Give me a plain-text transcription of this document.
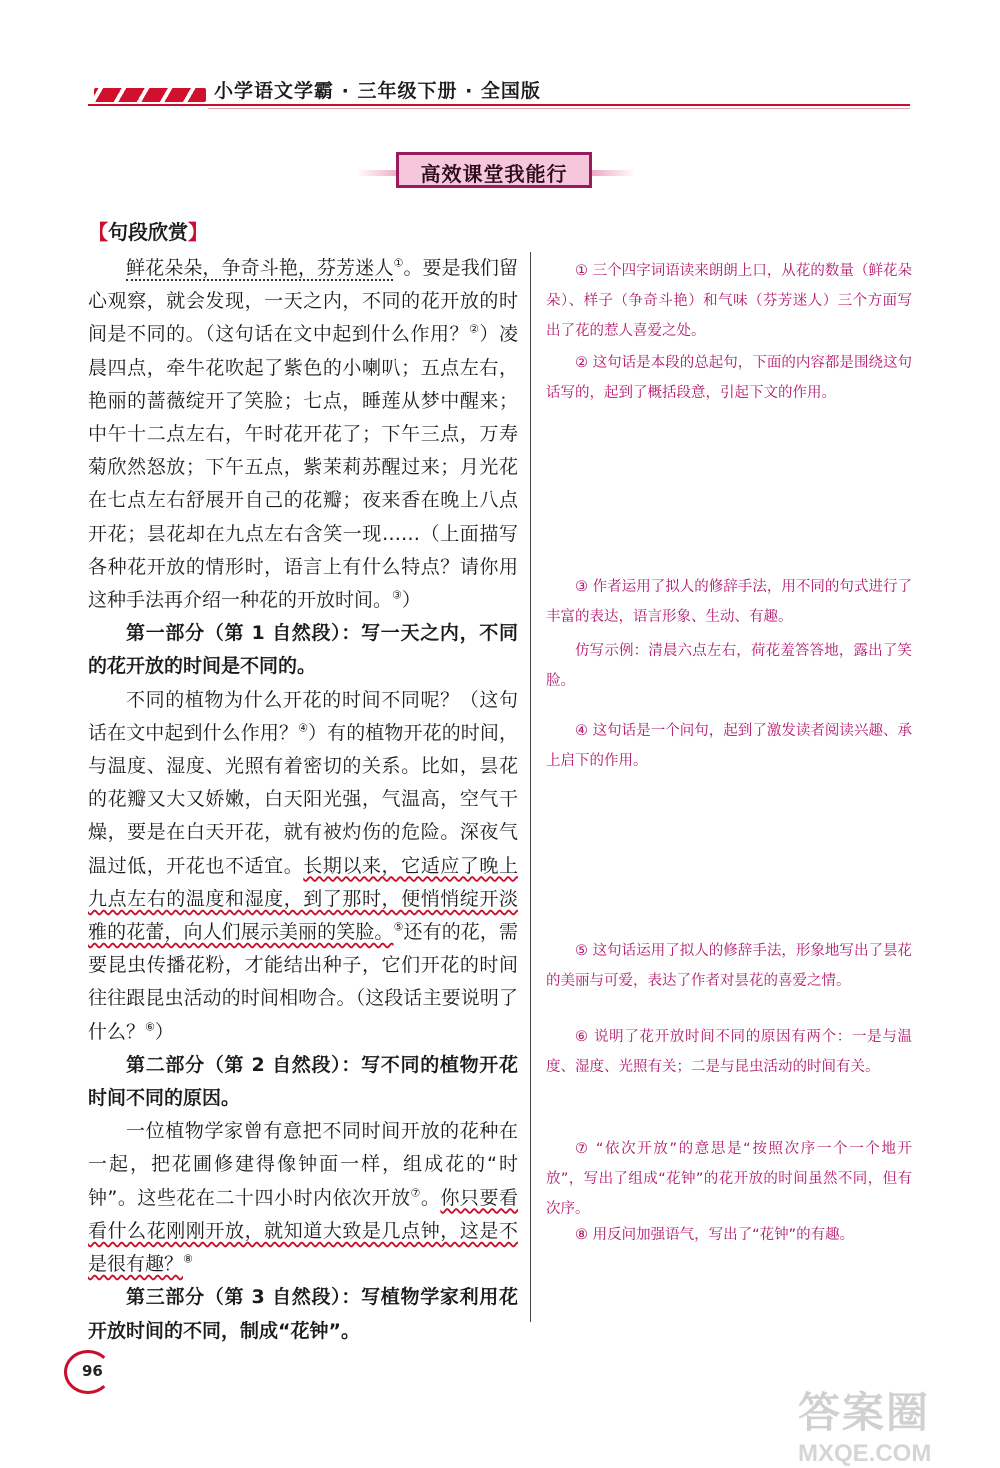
小学语文学霸 · 三年级下册 · 全国版
高效课堂我能行
【句段欣赏】

鲜花朵朵，争奇斗艳，芬芳迷人①。要是我们留心观察，就会发现，一天之内，不同的花开放的时间是不同的。（这句话在文中起到什么作用？②）凌晨四点，牵牛花吹起了紫色的小喇叭；五点左右，艳丽的蔷薇绽开了笑脸；七点，睡莲从梦中醒来；中午十二点左右，午时花开花了；下午三点，万寿菊欣然怒放；下午五点，紫茉莉苏醒过来；月光花在七点左右舒展开自己的花瓣；夜来香在晚上八点开花；昙花却在九点左右含笑一现……（上面描写各种花开放的情形时，语言上有什么特点？请你用这种手法再介绍一种花的开放时间。③）

第一部分（第 1 自然段）：写一天之内，不同的花开放的时间是不同的。

不同的植物为什么开花的时间不同呢？（这句话在文中起到什么作用？④）有的植物开花的时间，与温度、湿度、光照有着密切的关系。比如，昙花的花瓣又大又娇嫩，白天阳光强，气温高，空气干燥，要是在白天开花，就有被灼伤的危险。深夜气温过低，开花也不适宜。长期以来，它适应了晚上九点左右的温度和湿度，到了那时，便悄悄绽开淡雅的花蕾，向人们展示美丽的笑脸。⑤还有的花，需要昆虫传播花粉，才能结出种子，它们开花的时间往往跟昆虫活动的时间相吻合。（这段话主要说明了什么？⑥）

第二部分（第 2 自然段）：写不同的植物开花时间不同的原因。

一位植物学家曾有意把不同时间开放的花种在一起，把花圃修建得像钟面一样，组成花的“时钟”。这些花在二十四小时内依次开放⑦。你只要看看什么花刚刚开放，就知道大致是几点钟，这是不是很有趣？⑧

第三部分（第 3 自然段）：写植物学家利用花开放时间的不同，制成“花钟”。

① 三个四字词语读来朗朗上口，从花的数量（鲜花朵朵）、样子（争奇斗艳）和气味（芬芳迷人）三个方面写出了花的惹人喜爱之处。

② 这句话是本段的总起句，下面的内容都是围绕这句话写的，起到了概括段意，引起下文的作用。

③ 作者运用了拟人的修辞手法，用不同的句式进行了丰富的表达，语言形象、生动、有趣。

仿写示例：清晨六点左右，荷花羞答答地，露出了笑脸。

④ 这句话是一个问句，起到了激发读者阅读兴趣、承上启下的作用。

⑤ 这句话运用了拟人的修辞手法，形象地写出了昙花的美丽与可爱，表达了作者对昙花的喜爱之情。

⑥ 说明了花开放时间不同的原因有两个：一是与温度、湿度、光照有关；二是与昆虫活动的时间有关。

⑦ “依次开放”的意思是“按照次序一个一个地开放”，写出了组成“花钟”的花开放的时间虽然不同，但有次序。

⑧ 用反问加强语气，写出了“花钟”的有趣。

96
答案圈
MXQE.COM
